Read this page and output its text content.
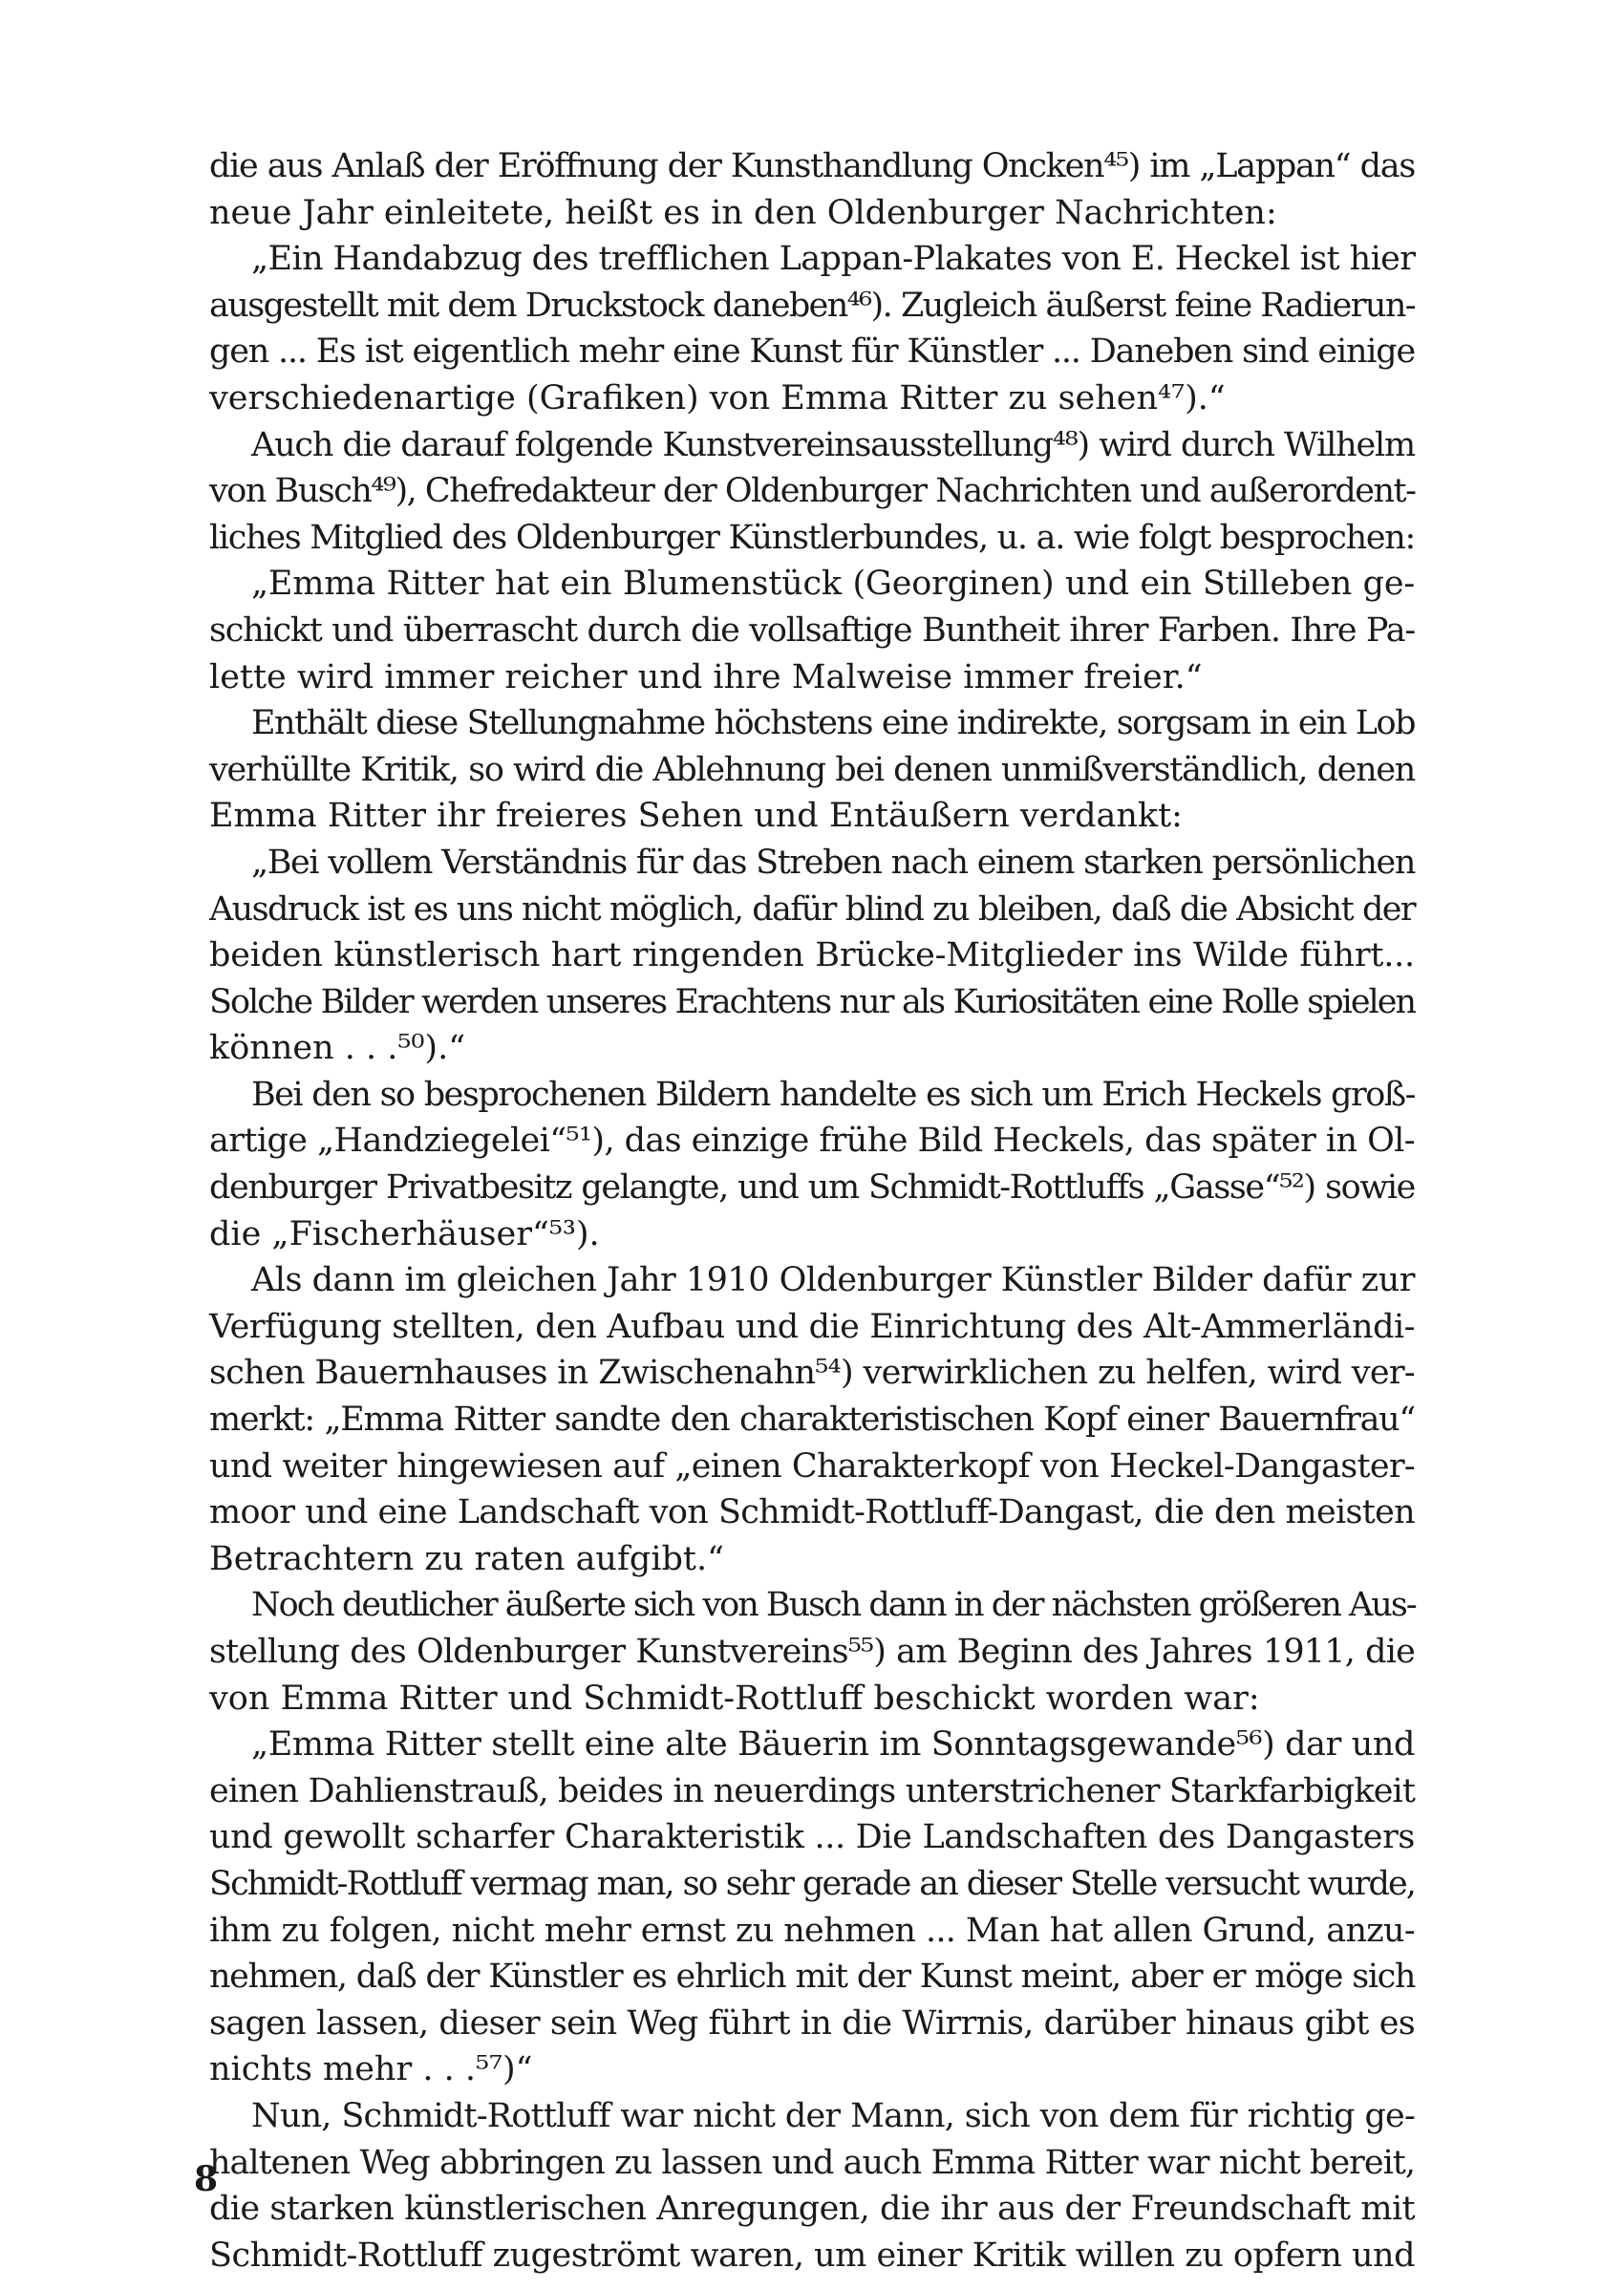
die aus Anlaß der Eröffnung der Kunsthandlung Oncken⁴⁵) im „Lappan“ das
neue Jahr einleitete, heißt es in den Oldenburger Nachrichten:
„Ein Handabzug des trefflichen Lappan-Plakates von E. Heckel ist hier
ausgestellt mit dem Druckstock daneben⁴⁶). Zugleich äußerst feine Radierun-
gen ... Es ist eigentlich mehr eine Kunst für Künstler ... Daneben sind einige
verschiedenartige (Grafiken) von Emma Ritter zu sehen⁴⁷).“
Auch die darauf folgende Kunstvereinsausstellung⁴⁸) wird durch Wilhelm
von Busch⁴⁹), Chefredakteur der Oldenburger Nachrichten und außerordent-
liches Mitglied des Oldenburger Künstlerbundes, u. a. wie folgt besprochen:
„Emma Ritter hat ein Blumenstück (Georginen) und ein Stilleben ge-
schickt und überrascht durch die vollsaftige Buntheit ihrer Farben. Ihre Pa-
lette wird immer reicher und ihre Malweise immer freier.“
Enthält diese Stellungnahme höchstens eine indirekte, sorgsam in ein Lob
verhüllte Kritik, so wird die Ablehnung bei denen unmißverständlich, denen
Emma Ritter ihr freieres Sehen und Entäußern verdankt:
„Bei vollem Verständnis für das Streben nach einem starken persönlichen
Ausdruck ist es uns nicht möglich, dafür blind zu bleiben, daß die Absicht der
beiden künstlerisch hart ringenden Brücke-Mitglieder ins Wilde führt...
Solche Bilder werden unseres Erachtens nur als Kuriositäten eine Rolle spielen
können . . .⁵⁰).“
Bei den so besprochenen Bildern handelte es sich um Erich Heckels groß-
artige „Handziegelei“⁵¹), das einzige frühe Bild Heckels, das später in Ol-
denburger Privatbesitz gelangte, und um Schmidt-Rottluffs „Gasse“⁵²) sowie
die „Fischerhäuser“⁵³).
Als dann im gleichen Jahr 1910 Oldenburger Künstler Bilder dafür zur
Verfügung stellten, den Aufbau und die Einrichtung des Alt-Ammerländi-
schen Bauernhauses in Zwischenahn⁵⁴) verwirklichen zu helfen, wird ver-
merkt: „Emma Ritter sandte den charakteristischen Kopf einer Bauernfrau“
und weiter hingewiesen auf „einen Charakterkopf von Heckel-Dangaster-
moor und eine Landschaft von Schmidt-Rottluff-Dangast, die den meisten
Betrachtern zu raten aufgibt.“
Noch deutlicher äußerte sich von Busch dann in der nächsten größeren Aus-
stellung des Oldenburger Kunstvereins⁵⁵) am Beginn des Jahres 1911, die
von Emma Ritter und Schmidt-Rottluff beschickt worden war:
„Emma Ritter stellt eine alte Bäuerin im Sonntagsgewande⁵⁶) dar und
einen Dahlienstrauß, beides in neuerdings unterstrichener Starkfarbigkeit
und gewollt scharfer Charakteristik ... Die Landschaften des Dangasters
Schmidt-Rottluff vermag man, so sehr gerade an dieser Stelle versucht wurde,
ihm zu folgen, nicht mehr ernst zu nehmen ... Man hat allen Grund, anzu-
nehmen, daß der Künstler es ehrlich mit der Kunst meint, aber er möge sich
sagen lassen, dieser sein Weg führt in die Wirrnis, darüber hinaus gibt es
nichts mehr . . .⁵⁷)“
Nun, Schmidt-Rottluff war nicht der Mann, sich von dem für richtig ge-
haltenen Weg abbringen zu lassen und auch Emma Ritter war nicht bereit,
die starken künstlerischen Anregungen, die ihr aus der Freundschaft mit
Schmidt-Rottluff zugeströmt waren, um einer Kritik willen zu opfern und
8
